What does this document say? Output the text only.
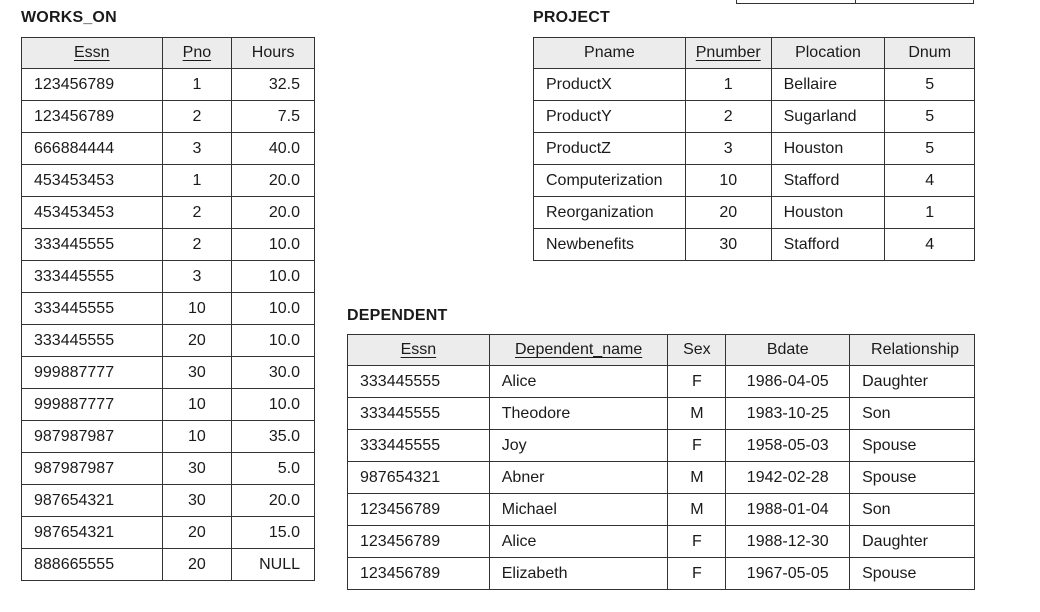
WORKS_ON
Essn	Pno	Hours
123456789	1	32.5
123456789	2	7.5
666884444	3	40.0
453453453	1	20.0
453453453	2	20.0
333445555	2	10.0
333445555	3	10.0
333445555	10	10.0
333445555	20	10.0
999887777	30	30.0
999887777	10	10.0
987987987	10	35.0
987987987	30	5.0
987654321	30	20.0
987654321	20	15.0
888665555	20	NULL
PROJECT
Pname	Pnumber	Plocation	Dnum
ProductX	1	Bellaire	5
ProductY	2	Sugarland	5
ProductZ	3	Houston	5
Computerization	10	Stafford	4
Reorganization	20	Houston	1
Newbenefits	30	Stafford	4
DEPENDENT
Essn	Dependent_name	Sex	Bdate	Relationship
333445555	Alice	F	1986-04-05	Daughter
333445555	Theodore	M	1983-10-25	Son
333445555	Joy	F	1958-05-03	Spouse
987654321	Abner	M	1942-02-28	Spouse
123456789	Michael	M	1988-01-04	Son
123456789	Alice	F	1988-12-30	Daughter
123456789	Elizabeth	F	1967-05-05	Spouse
